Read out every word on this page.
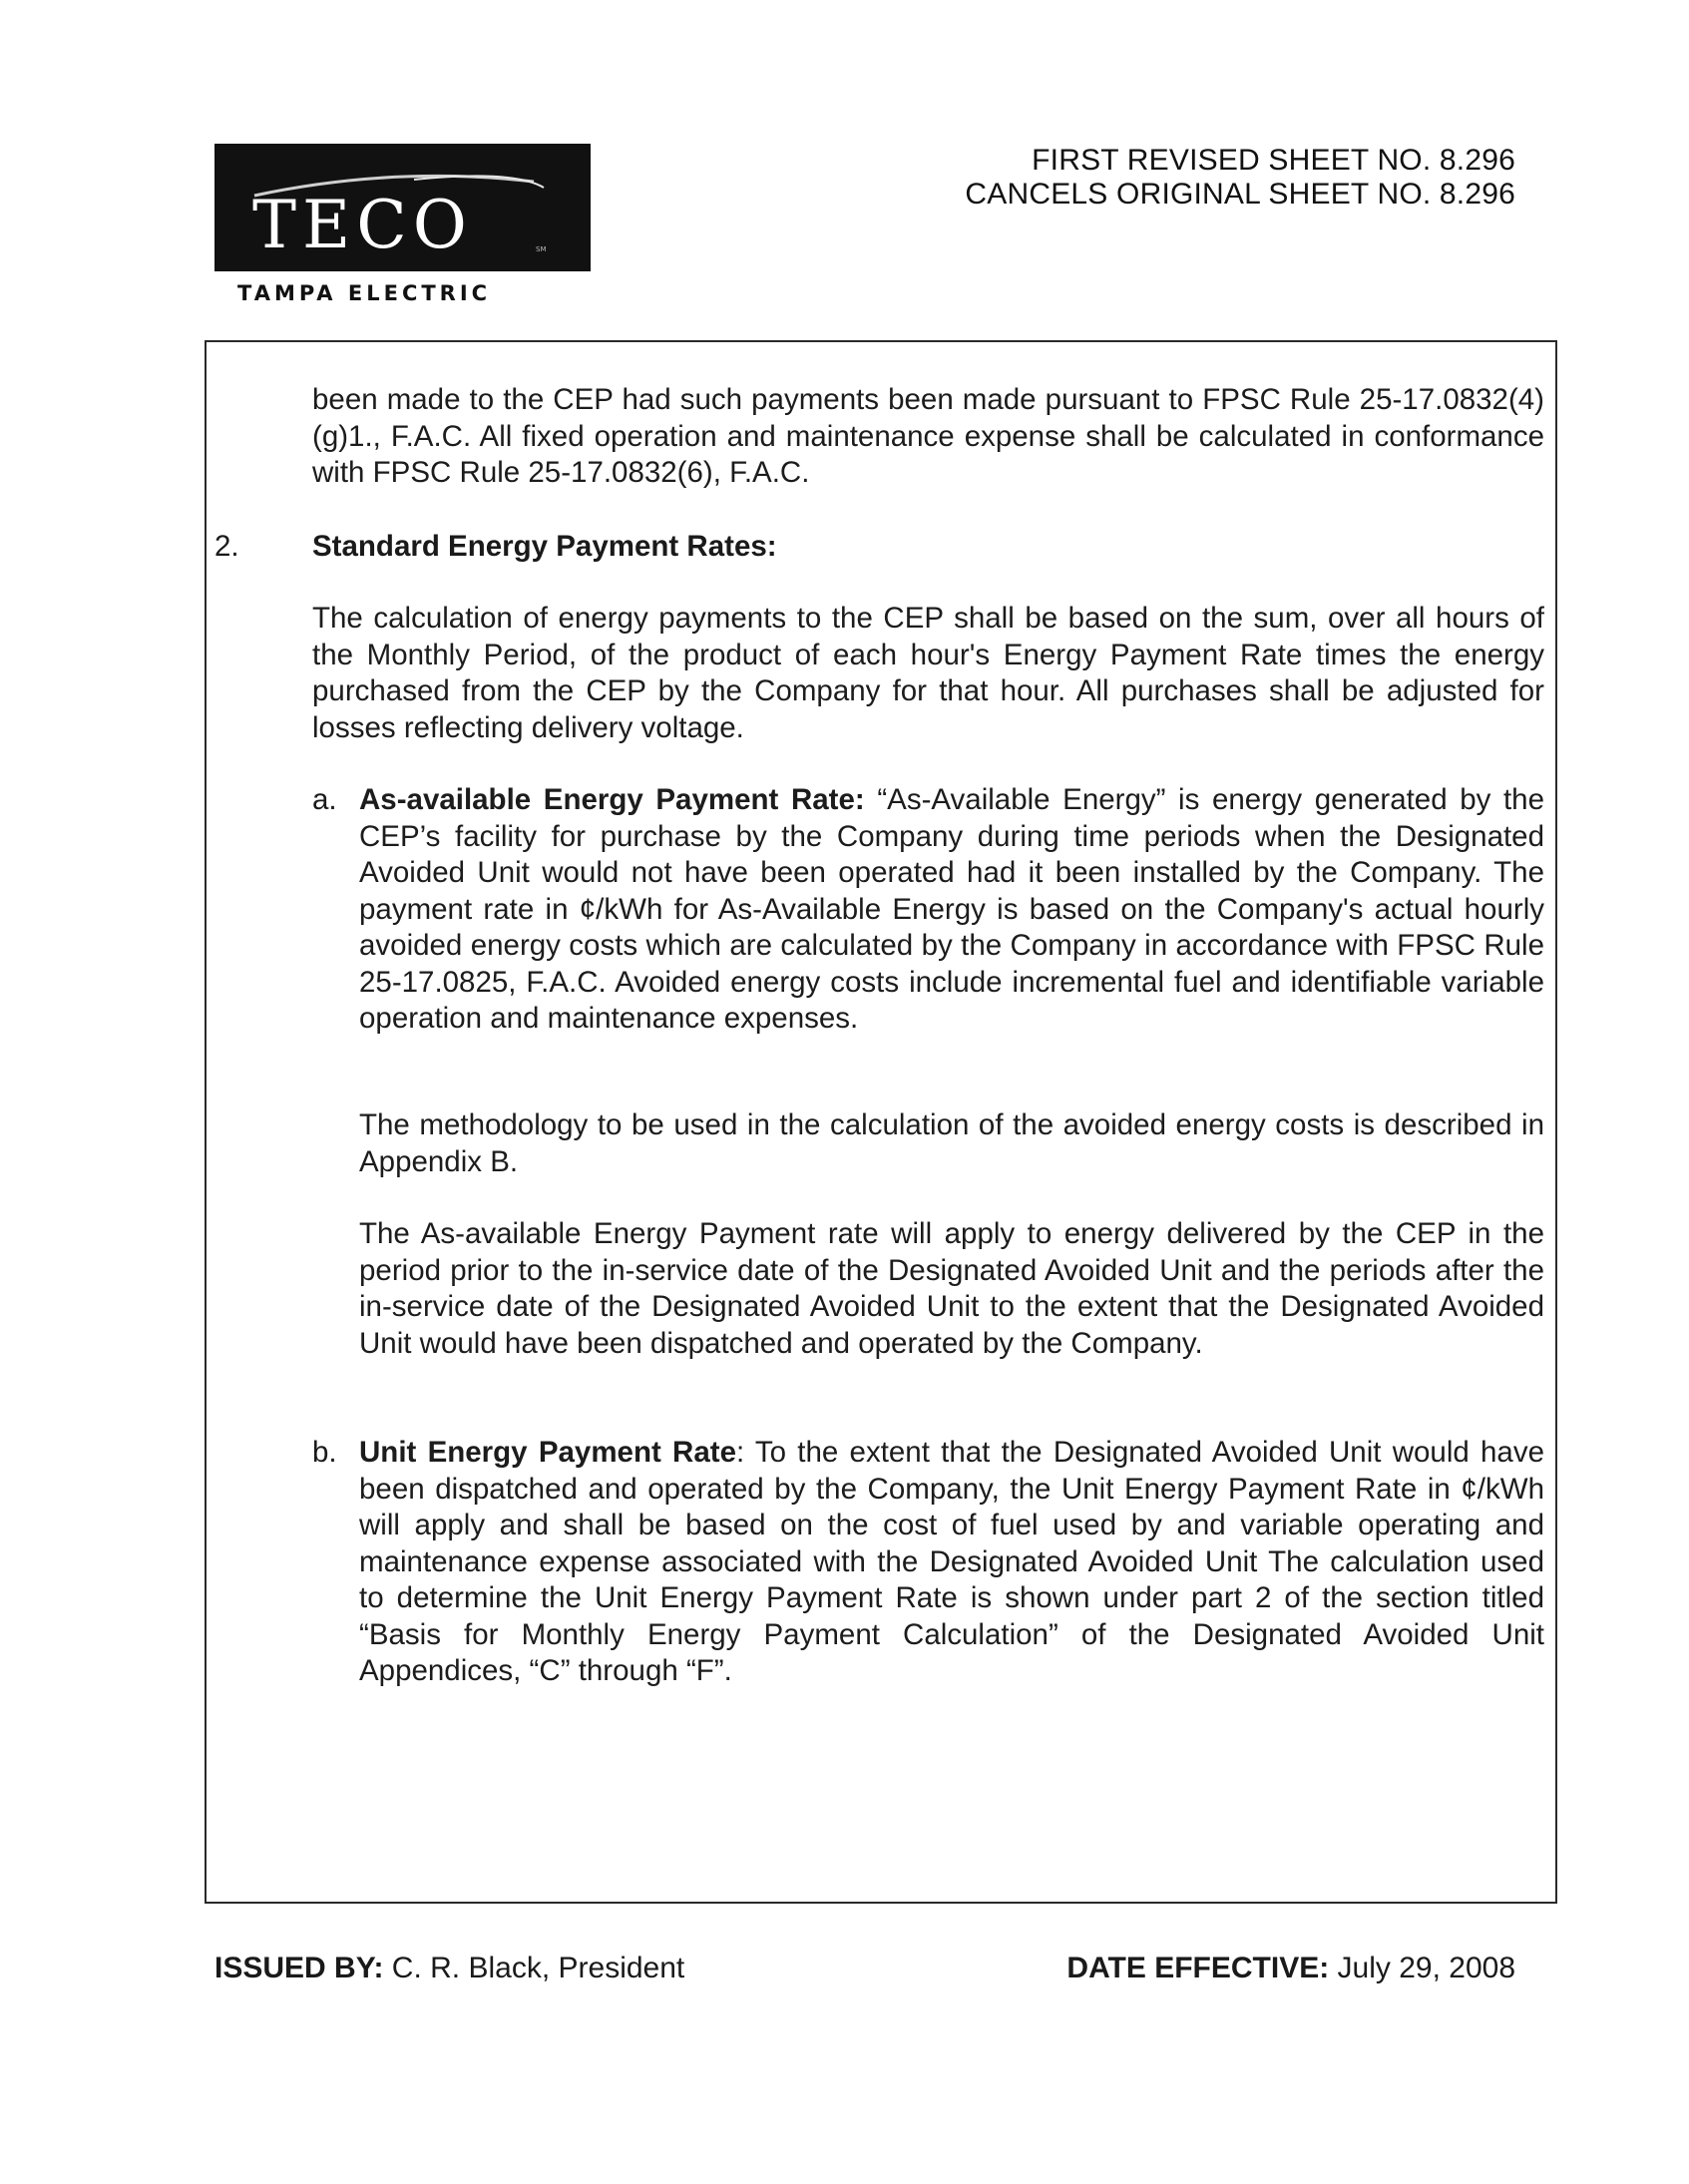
TECO	SM
TAMPA ELECTRIC
FIRST REVISED SHEET NO. 8.296
CANCELS ORIGINAL SHEET NO. 8.296
been made to the CEP had such payments been made pursuant to FPSC Rule 25-17.0832(4)(g)1., F.A.C. All fixed operation and maintenance expense shall be calculated in conformance with FPSC Rule 25-17.0832(6), F.A.C.
2. Standard Energy Payment Rates:
The calculation of energy payments to the CEP shall be based on the sum, over all hours of the Monthly Period, of the product of each hour's Energy Payment Rate times the energy purchased from the CEP by the Company for that hour. All purchases shall be adjusted for losses reflecting delivery voltage.
a. As-available Energy Payment Rate: “As-Available Energy” is energy generated by the CEP’s facility for purchase by the Company during time periods when the Designated Avoided Unit would not have been operated had it been installed by the Company. The payment rate in ¢/kWh for As-Available Energy is based on the Company's actual hourly avoided energy costs which are calculated by the Company in accordance with FPSC Rule 25-17.0825, F.A.C. Avoided energy costs include incremental fuel and identifiable variable operation and maintenance expenses.
The methodology to be used in the calculation of the avoided energy costs is described in Appendix B.
The As-available Energy Payment rate will apply to energy delivered by the CEP in the period prior to the in-service date of the Designated Avoided Unit and the periods after the in-service date of the Designated Avoided Unit to the extent that the Designated Avoided Unit would have been dispatched and operated by the Company.
b. Unit Energy Payment Rate: To the extent that the Designated Avoided Unit would have been dispatched and operated by the Company, the Unit Energy Payment Rate in ¢/kWh will apply and shall be based on the cost of fuel used by and variable operating and maintenance expense associated with the Designated Avoided Unit The calculation used to determine the Unit Energy Payment Rate is shown under part 2 of the section titled “Basis for Monthly Energy Payment Calculation” of the Designated Avoided Unit Appendices, “C” through “F”.
ISSUED BY: C. R. Black, President	DATE EFFECTIVE: July 29, 2008
